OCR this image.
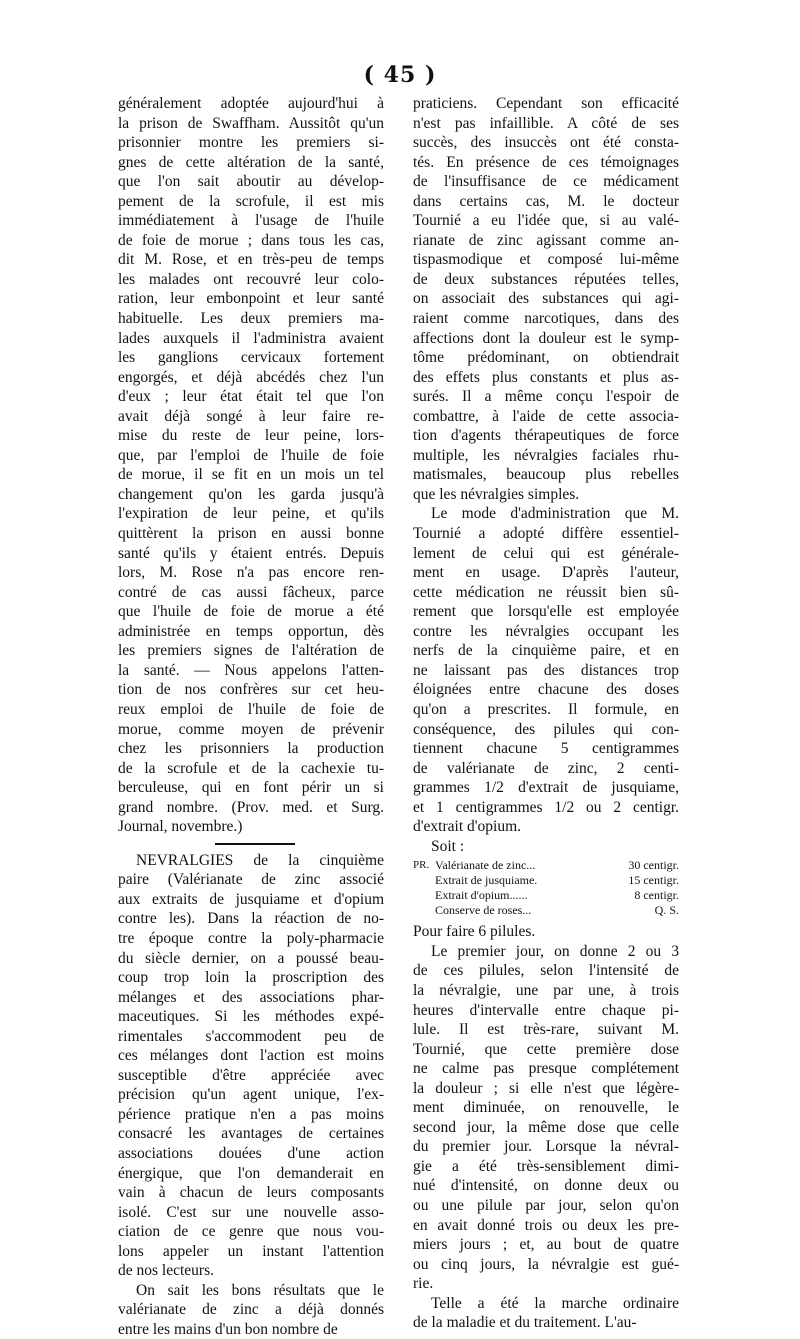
( 45 )
généralement adoptée aujourd'hui à
la prison de Swaffham. Aussitôt qu'un
prisonnier montre les premiers si-
gnes de cette altération de la santé,
que l'on sait aboutir au dévelop-
pement de la scrofule, il est mis
immédiatement à l'usage de l'huile
de foie de morue ; dans tous les cas,
dit M. Rose, et en très-peu de temps
les malades ont recouvré leur colo-
ration, leur embonpoint et leur santé
habituelle. Les deux premiers ma-
lades auxquels il l'administra avaient
les ganglions cervicaux fortement
engorgés, et déjà abcédés chez l'un
d'eux ; leur état était tel que l'on
avait déjà songé à leur faire re-
mise du reste de leur peine, lors-
que, par l'emploi de l'huile de foie
de morue, il se fit en un mois un tel
changement qu'on les garda jusqu'à
l'expiration de leur peine, et qu'ils
quittèrent la prison en aussi bonne
santé qu'ils y étaient entrés. Depuis
lors, M. Rose n'a pas encore ren-
contré de cas aussi fâcheux, parce
que l'huile de foie de morue a été
administrée en temps opportun, dès
les premiers signes de l'altération de
la santé. — Nous appelons l'atten-
tion de nos confrères sur cet heu-
reux emploi de l'huile de foie de
morue, comme moyen de prévenir
chez les prisonniers la production
de la scrofule et de la cachexie tu-
berculeuse, qui en font périr un si
grand nombre. (Prov. med. et Surg.
Journal, novembre.)
NEVRALGIES de la cinquième
paire (Valérianate de zinc associé
aux extraits de jusquiame et d'opium
contre les). Dans la réaction de no-
tre époque contre la poly-pharmacie
du siècle dernier, on a poussé beau-
coup trop loin la proscription des
mélanges et des associations phar-
maceutiques. Si les méthodes expé-
rimentales s'accommodent peu de
ces mélanges dont l'action est moins
susceptible d'être appréciée avec
précision qu'un agent unique, l'ex-
périence pratique n'en a pas moins
consacré les avantages de certaines
associations douées d'une action
énergique, que l'on demanderait en
vain à chacun de leurs composants
isolé. C'est sur une nouvelle asso-
ciation de ce genre que nous vou-
lons appeler un instant l'attention
de nos lecteurs.
On sait les bons résultats que le
valérianate de zinc a déjà donnés
entre les mains d'un bon nombre de
praticiens. Cependant son efficacité
n'est pas infaillible. A côté de ses
succès, des insuccès ont été consta-
tés. En présence de ces témoignages
de l'insuffisance de ce médicament
dans certains cas, M. le docteur
Tournié a eu l'idée que, si au valé-
rianate de zinc agissant comme an-
tispasmodique et composé lui-même
de deux substances réputées telles,
on associait des substances qui agi-
raient comme narcotiques, dans des
affections dont la douleur est le symp-
tôme prédominant, on obtiendrait
des effets plus constants et plus as-
surés. Il a même conçu l'espoir de
combattre, à l'aide de cette associa-
tion d'agents thérapeutiques de force
multiple, les névralgies faciales rhu-
matismales, beaucoup plus rebelles
que les névralgies simples.
Le mode d'administration que M.
Tournié a adopté diffère essentiel-
lement de celui qui est générale-
ment en usage. D'après l'auteur,
cette médication ne réussit bien sû-
rement que lorsqu'elle est employée
contre les névralgies occupant les
nerfs de la cinquième paire, et en
ne laissant pas des distances trop
éloignées entre chacune des doses
qu'on a prescrites. Il formule, en
conséquence, des pilules qui con-
tiennent chacune 5 centigrammes
de valérianate de zinc, 2 centi-
grammes 1/2 d'extrait de jusquiame,
et 1 centigrammes 1/2 ou 2 centigr.
d'extrait d'opium.
Soit :
PR. Valérianate de zinc...	30 centigr.
Extrait de jusquiame.	15 centigr.
Extrait d'opium......	8 centigr.
Conserve de roses...	Q. S.
Pour faire 6 pilules.
Le premier jour, on donne 2 ou 3
de ces pilules, selon l'intensité de
la névralgie, une par une, à trois
heures d'intervalle entre chaque pi-
lule. Il est très-rare, suivant M.
Tournié, que cette première dose
ne calme pas presque complétement
la douleur ; si elle n'est que légère-
ment diminuée, on renouvelle, le
second jour, la même dose que celle
du premier jour. Lorsque la névral-
gie a été très-sensiblement dimi-
nué d'intensité, on donne deux ou
ou une pilule par jour, selon qu'on
en avait donné trois ou deux les pre-
miers jours ; et, au bout de quatre
ou cinq jours, la névralgie est gué-
rie.
Telle a été la marche ordinaire
de la maladie et du traitement. L'au-
